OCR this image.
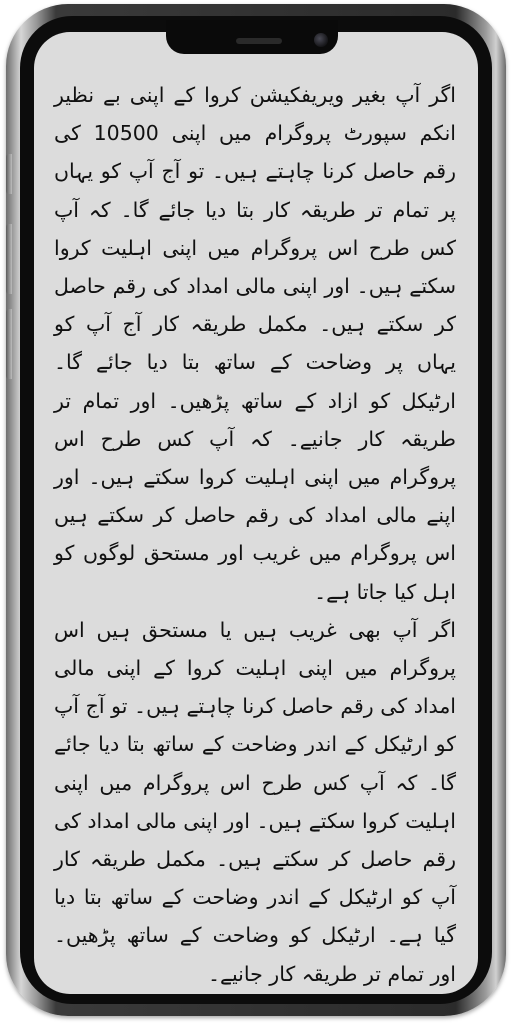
اگر آپ بغیر ویریفکیشن کروا کے اپنی بے نظیر انکم سپورٹ پروگرام میں اپنی 10500 کی رقم حاصل کرنا چاہتے ہیں۔ تو آج آپ کو یہاں پر تمام تر طریقہ کار بتا دیا جائے گا۔ کہ آپ کس طرح اس پروگرام میں اپنی اہلیت کروا سکتے ہیں۔ اور اپنی مالی امداد کی رقم حاصل کر سکتے ہیں۔ مکمل طریقہ کار آج آپ کو یہاں پر وضاحت کے ساتھ بتا دیا جائے گا۔ ارٹیکل کو ازاد کے ساتھ پڑھیں۔ اور تمام تر طریقہ کار جانیے۔ کہ آپ کس طرح اس پروگرام میں اپنی اہلیت کروا سکتے ہیں۔ اور اپنے مالی امداد کی رقم حاصل کر سکتے ہیں اس پروگرام میں غریب اور مستحق لوگوں کو اہل کیا جاتا ہے۔

اگر آپ بھی غریب ہیں یا مستحق ہیں اس پروگرام میں اپنی اہلیت کروا کے اپنی مالی امداد کی رقم حاصل کرنا چاہتے ہیں۔ تو آج آپ کو ارٹیکل کے اندر وضاحت کے ساتھ بتا دیا جائے گا۔ کہ آپ کس طرح اس پروگرام میں اپنی اہلیت کروا سکتے ہیں۔ اور اپنی مالی امداد کی رقم حاصل کر سکتے ہیں۔ مکمل طریقہ کار آپ کو ارٹیکل کے اندر وضاحت کے ساتھ بتا دیا گیا ہے۔ ارٹیکل کو وضاحت کے ساتھ پڑھیں۔ اور تمام تر طریقہ کار جانیے۔
